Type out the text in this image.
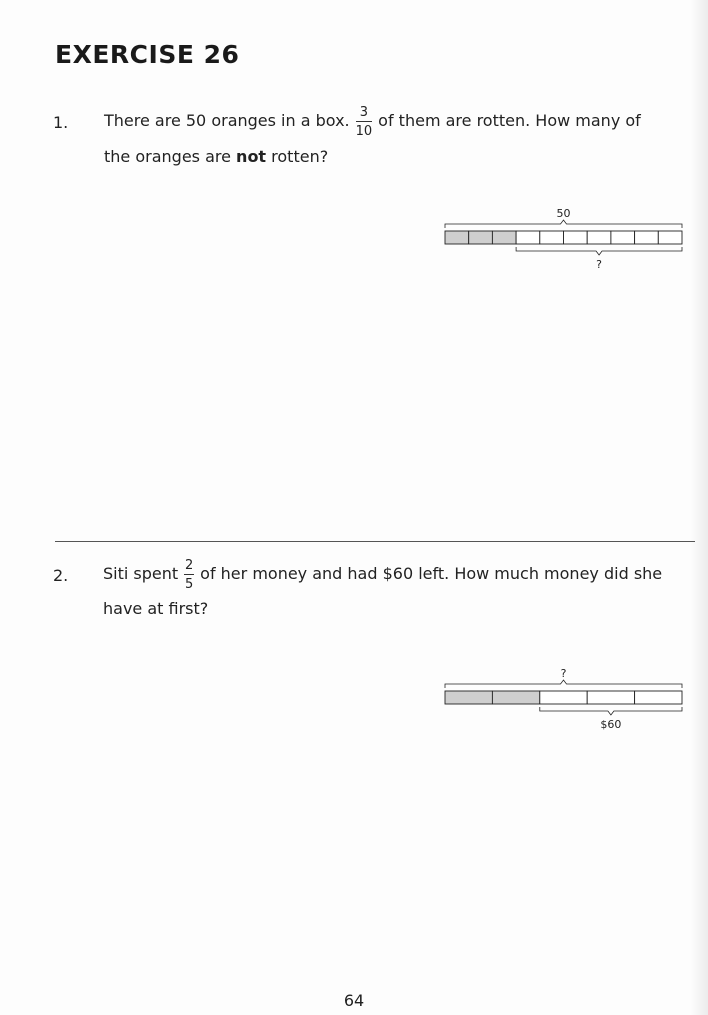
EXERCISE 26
1. There are 50 oranges in a box. $\frac{3}{10}$ of them are rotten. How many of
the oranges are not rotten?
50
?
2. Siti spent $\frac{2}{5}$ of her money and had $60 left. How much money did she
have at first?
?
$60
64
